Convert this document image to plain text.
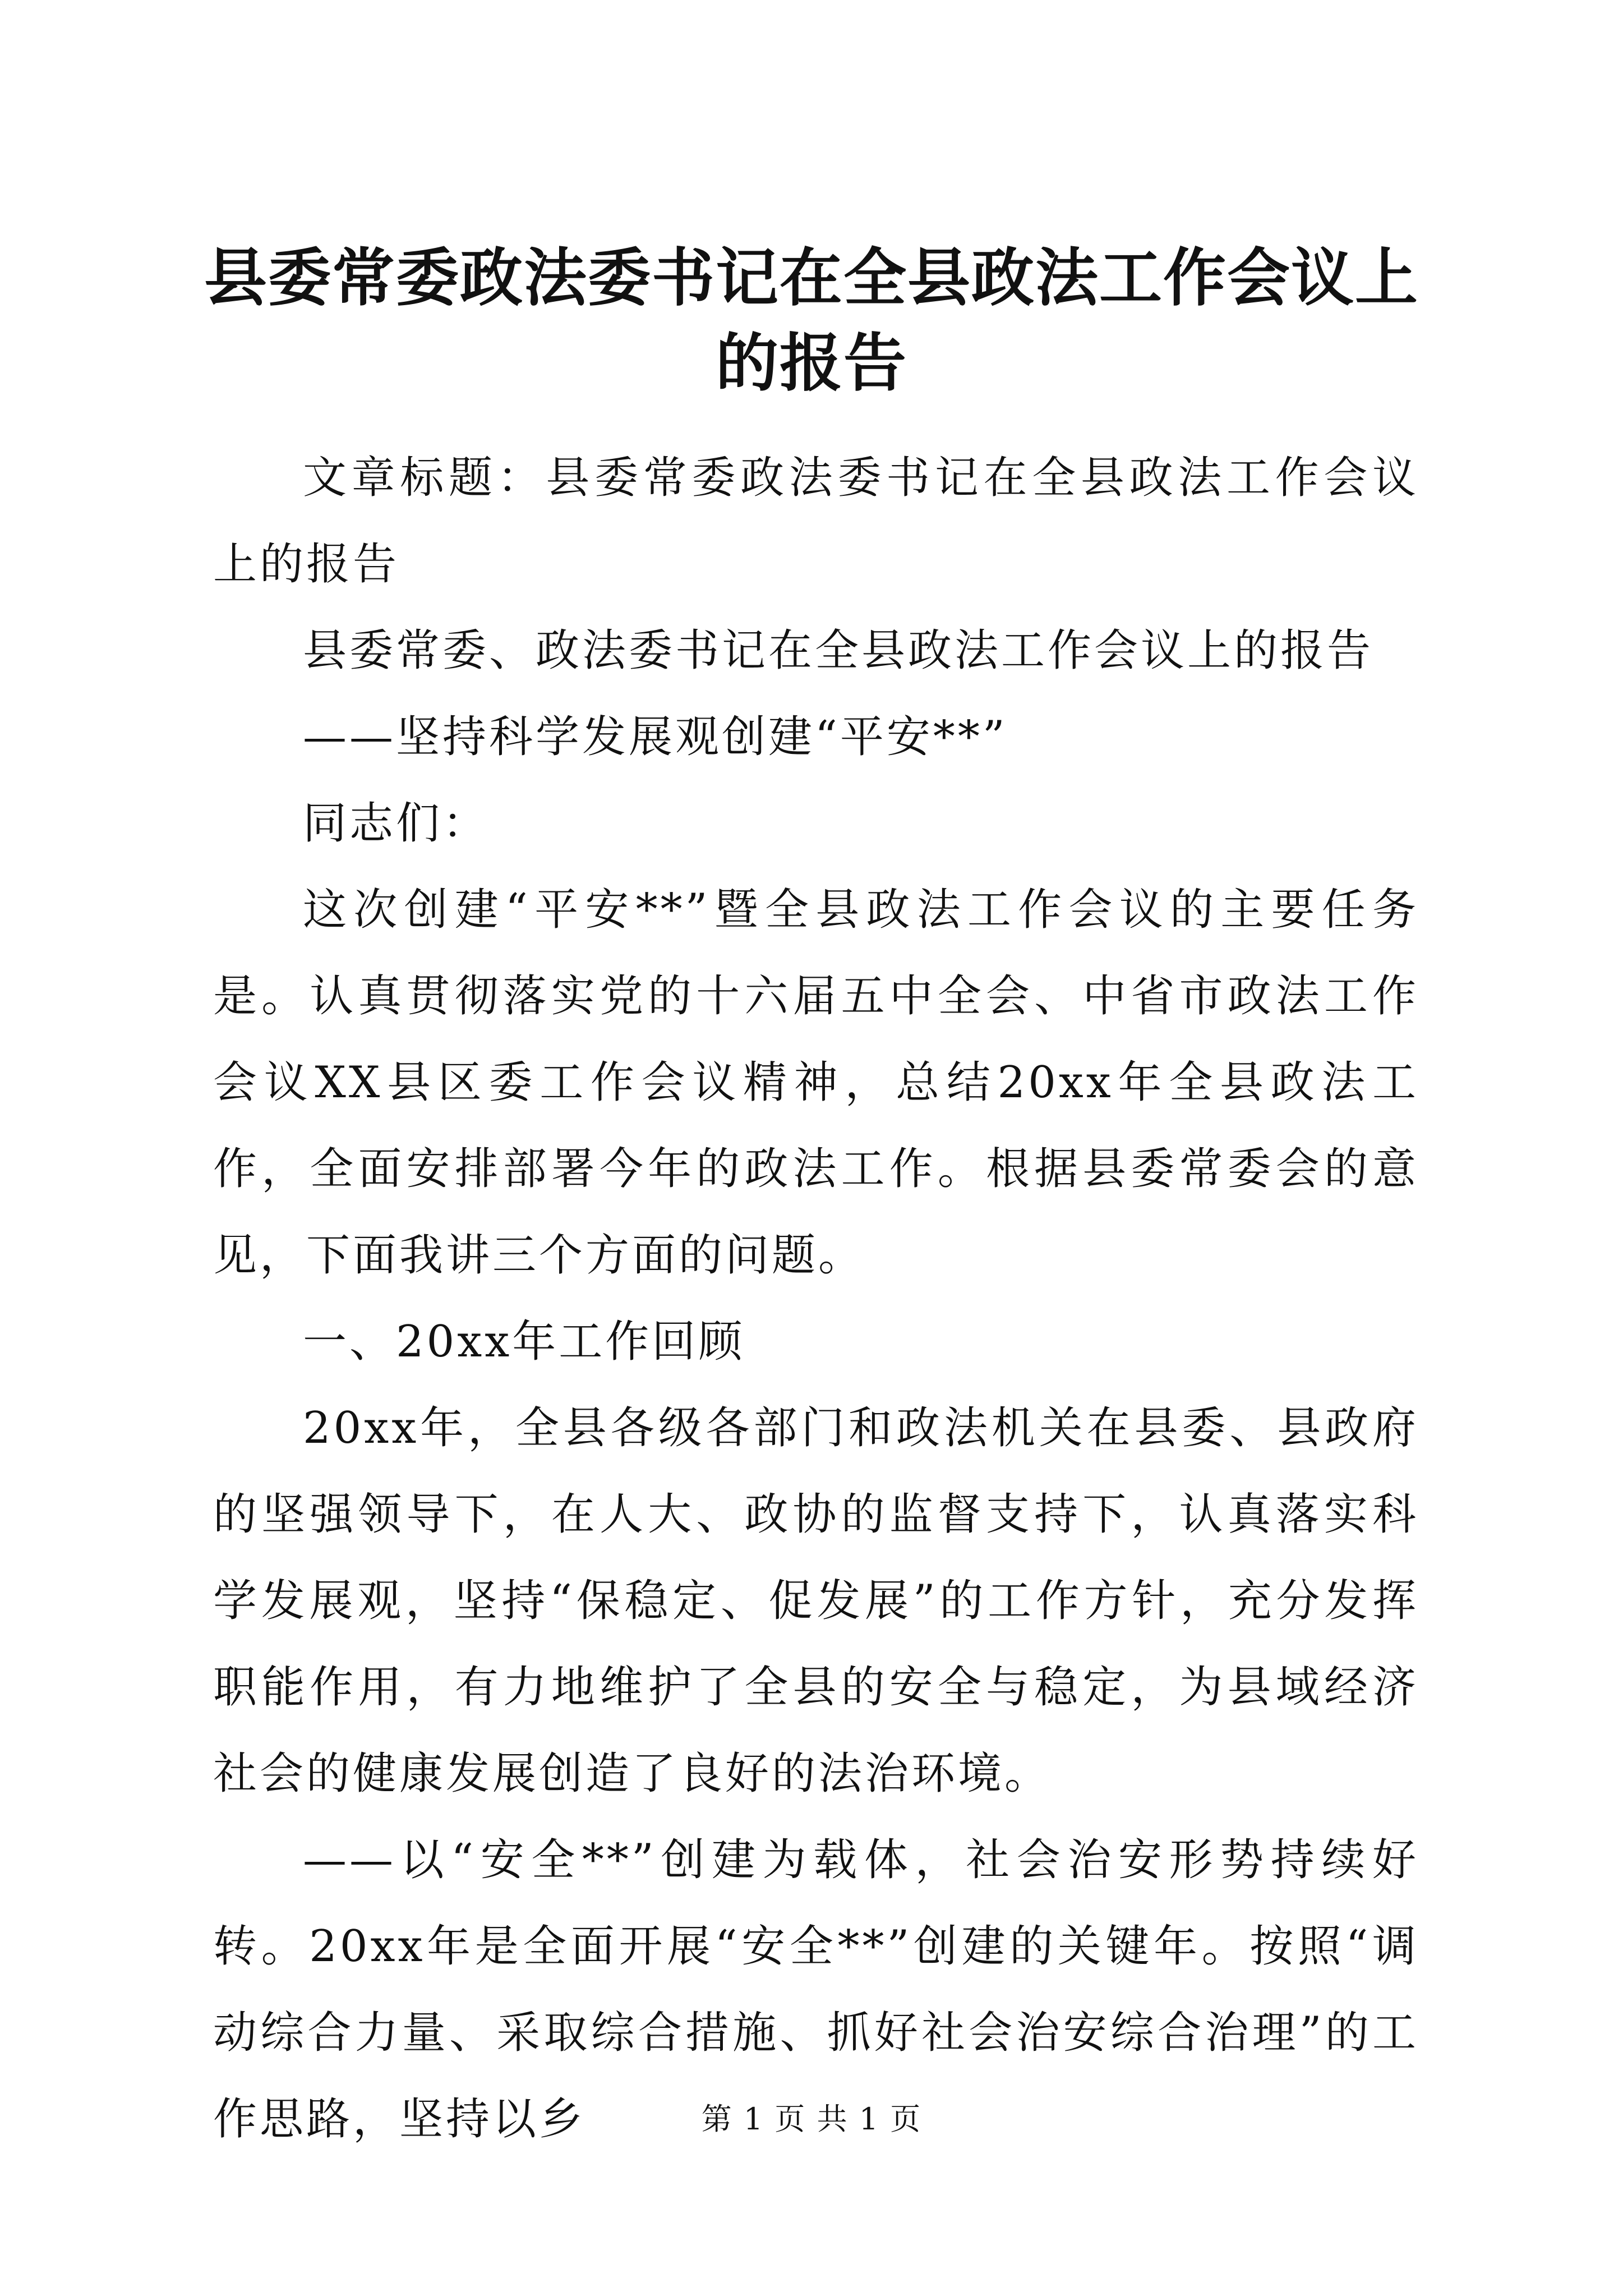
县委常委政法委书记在全县政法工作会议上的报告

文章标题：县委常委政法委书记在全县政法工作会议上的报告

县委常委、政法委书记在全县政法工作会议上的报告

——坚持科学发展观创建“平安**”

同志们：

这次创建“平安**”暨全县政法工作会议的主要任务是。认真贯彻落实党的十六届五中全会、中省市政法工作会议XX县区委工作会议精神，总结20xx年全县政法工作，全面安排部署今年的政法工作。根据县委常委会的意见，下面我讲三个方面的问题。

一、20xx年工作回顾

20xx年，全县各级各部门和政法机关在县委、县政府的坚强领导下，在人大、政协的监督支持下，认真落实科学发展观，坚持“保稳定、促发展”的工作方针，充分发挥职能作用，有力地维护了全县的安全与稳定，为县域经济社会的健康发展创造了良好的法治环境。

——以“安全**”创建为载体，社会治安形势持续好转。20xx年是全面开展“安全**”创建的关键年。按照“调动综合力量、采取综合措施、抓好社会治安综合治理”的工作思路，坚持以乡	第 1 页 共 1 页
